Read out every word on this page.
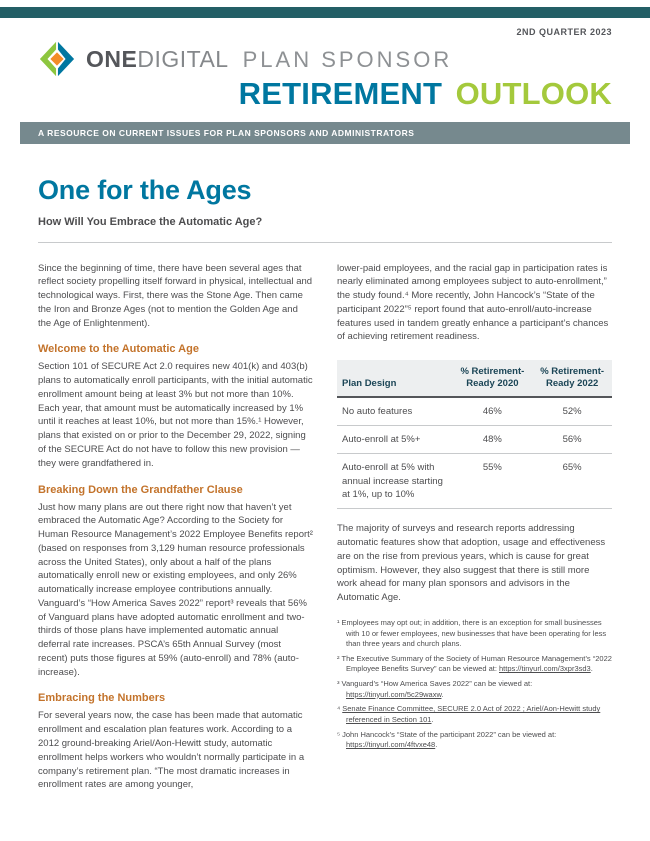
2ND QUARTER 2023
ONE DIGITAL PLAN SPONSOR
RETIREMENT OUTLOOK
A RESOURCE ON CURRENT ISSUES FOR PLAN SPONSORS AND ADMINISTRATORS
One for the Ages
How Will You Embrace the Automatic Age?

Since the beginning of time, there have been several ages that reflect society propelling itself forward in physical, intellectual and technological ways. First, there was the Stone Age. Then came the Iron and Bronze Ages (not to mention the Golden Age and the Age of Enlightenment).

Welcome to the Automatic Age

Section 101 of SECURE Act 2.0 requires new 401(k) and 403(b) plans to automatically enroll participants, with the initial automatic enrollment amount being at least 3% but not more than 10%. Each year, that amount must be automatically increased by 1% until it reaches at least 10%, but not more than 15%.¹ However, plans that existed on or prior to the December 29, 2022, signing of the SECURE Act do not have to follow this new provision — they were grandfathered in.

Breaking Down the Grandfather Clause

Just how many plans are out there right now that haven’t yet embraced the Automatic Age? According to the Society for Human Resource Management’s 2022 Employee Benefits report² (based on responses from 3,129 human resource professionals across the United States), only about a half of the plans automatically enroll new or existing employees, and only 26% automatically increase employee contributions annually. Vanguard’s “How America Saves 2022” report³ reveals that 56% of Vanguard plans have adopted automatic enrollment and two-thirds of those plans have implemented automatic annual deferral rate increases. PSCA’s 65th Annual Survey (most recent) puts those figures at 59% (auto-enroll) and 78% (auto-increase).

Embracing the Numbers

For several years now, the case has been made that automatic enrollment and escalation plan features work. According to a 2012 ground-breaking Ariel/Aon-Hewitt study, automatic enrollment helps workers who wouldn’t normally participate in a company’s retirement plan. “The most dramatic increases in enrollment rates are among younger,

lower-paid employees, and the racial gap in participation rates is nearly eliminated among employees subject to auto-enrollment,” the study found.⁴ More recently, John Hancock’s “State of the participant 2022”⁵ report found that auto-enroll/auto-increase features used in tandem greatly enhance a participant’s chances of achieving retirement readiness.

Plan Design	% Retirement-Ready 2020	% Retirement-Ready 2022
No auto features	46%	52%
Auto-enroll at 5%+	48%	56%
Auto-enroll at 5% with annual increase starting at 1%, up to 10%	55%	65%

The majority of surveys and research reports addressing automatic features show that adoption, usage and effectiveness are on the rise from previous years, which is cause for great optimism. However, they also suggest that there is still more work ahead for many plan sponsors and advisors in the Automatic Age.

¹ Employees may opt out; in addition, there is an exception for small businesses with 10 or fewer employees, new businesses that have been operating for less than three years and church plans.
² The Executive Summary of the Society of Human Resource Management’s “2022 Employee Benefits Survey” can be viewed at: https://tinyurl.com/3xpr3sd3.
³ Vanguard’s “How America Saves 2022” can be viewed at: https://tinyurl.com/5c29waxw.
⁴ Senate Finance Committee, SECURE 2.0 Act of 2022 ; Ariel/Aon-Hewitt study referenced in Section 101.
⁵ John Hancock’s “State of the participant 2022” can be viewed at: https://tinyurl.com/4ftvxe48.
